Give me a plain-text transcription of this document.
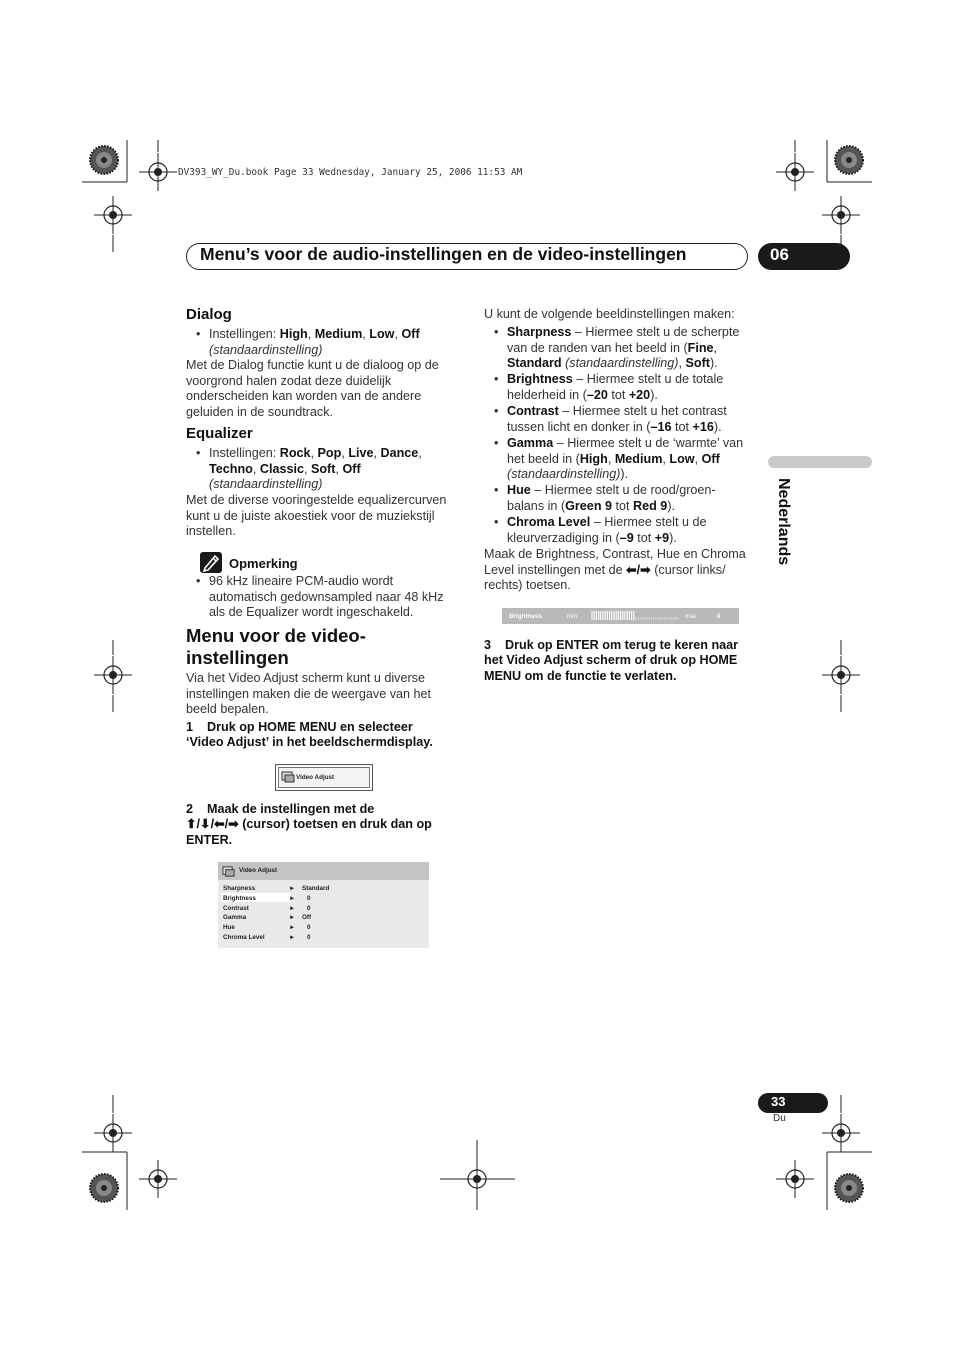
DV393_WY_Du.book Page 33 Wednesday, January 25, 2006 11:53 AM
Menu’s voor de audio-instellingen en de video-instellingen	06
Nederlands
Dialog
• Instellingen: High, Medium, Low, Off
(standaardinstelling)
Met de Dialog functie kunt u de dialoog op de
voorgrond halen zodat deze duidelijk
onderscheiden kan worden van de andere
geluiden in de soundtrack.
Equalizer
• Instellingen: Rock, Pop, Live, Dance,
Techno, Classic, Soft, Off
(standaardinstelling)
Met de diverse vooringestelde equalizercurven
kunt u de juiste akoestiek voor de muziekstijl
instellen.
Opmerking
• 96 kHz lineaire PCM-audio wordt
automatisch gedownsampled naar 48 kHz
als de Equalizer wordt ingeschakeld.
Menu voor de video-
instellingen
Via het Video Adjust scherm kunt u diverse
instellingen maken die de weergave van het
beeld bepalen.
1 Druk op HOME MENU en selecteer
‘Video Adjust’ in het beeldschermdisplay.
Video Adjust
2 Maak de instellingen met de
⬆/⬇/⬅/➡ (cursor) toetsen en druk dan op
ENTER.
Video Adjust
Sharpness	► Standard
Brightness	► 0
Contrast	► 0
Gamma	► Off
Hue	► 0
Chroma Level	► 0
U kunt de volgende beeldinstellingen maken:
• Sharpness – Hiermee stelt u de scherpte
van de randen van het beeld in (Fine,
Standard (standaardinstelling), Soft).
• Brightness – Hiermee stelt u de totale
helderheid in (–20 tot +20).
• Contrast – Hiermee stelt u het contrast
tussen licht en donker in (–16 tot +16).
• Gamma – Hiermee stelt u de ‘warmte’ van
het beeld in (High, Medium, Low, Off
(standaardinstelling)).
• Hue – Hiermee stelt u de rood/groen-
balans in (Green 9 tot Red 9).
• Chroma Level – Hiermee stelt u de
kleurverzadiging in (–9 tot +9).
Maak de Brightness, Contrast, Hue en Chroma
Level instellingen met de ⬅/➡ (cursor links/
rechts) toetsen.
Brightness	min	max	0
3 Druk op ENTER om terug te keren naar
het Video Adjust scherm of druk op HOME
MENU om de functie te verlaten.
33
Du
